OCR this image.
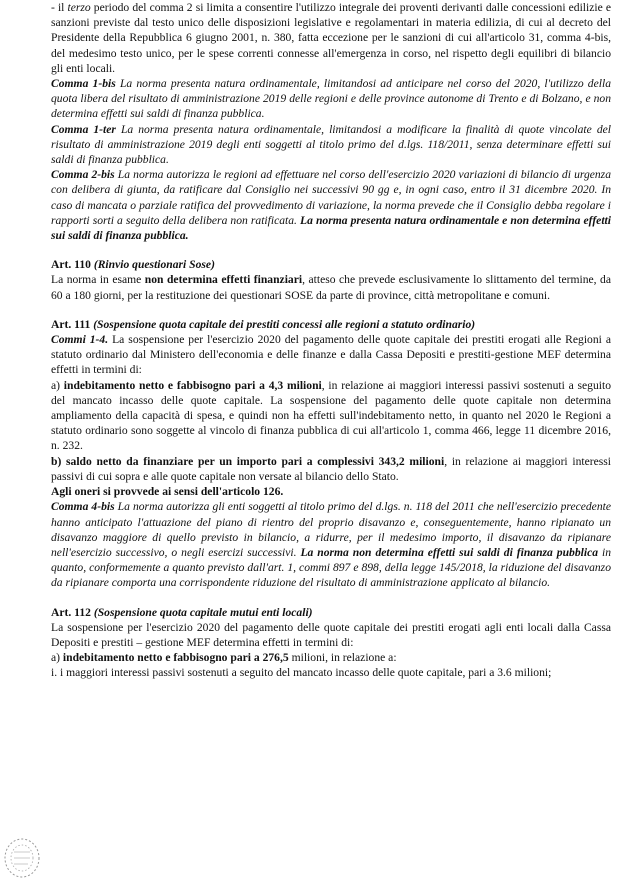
- il terzo periodo del comma 2 si limita a consentire l'utilizzo integrale dei proventi derivanti dalle concessioni edilizie e sanzioni previste dal testo unico delle disposizioni legislative e regolamentari in materia edilizia, di cui al decreto del Presidente della Repubblica 6 giugno 2001, n. 380, fatta eccezione per le sanzioni di cui all'articolo 31, comma 4-bis, del medesimo testo unico, per le spese correnti connesse all'emergenza in corso, nel rispetto degli equilibri di bilancio gli enti locali.

Comma 1-bis La norma presenta natura ordinamentale, limitandosi ad anticipare nel corso del 2020, l'utilizzo della quota libera del risultato di amministrazione 2019 delle regioni e delle province autonome di Trento e di Bolzano, e non determina effetti sui saldi di finanza pubblica.

Comma 1-ter La norma presenta natura ordinamentale, limitandosi a modificare la finalità di quote vincolate del risultato di amministrazione 2019 degli enti soggetti al titolo primo del d.lgs. 118/2011, senza determinare effetti sui saldi di finanza pubblica.

Comma 2-bis La norma autorizza le regioni ad effettuare nel corso dell'esercizio 2020 variazioni di bilancio di urgenza con delibera di giunta, da ratificare dal Consiglio nei successivi 90 gg e, in ogni caso, entro il 31 dicembre 2020. In caso di mancata o parziale ratifica del provvedimento di variazione, la norma prevede che il Consiglio debba regolare i rapporti sorti a seguito della delibera non ratificata. La norma presenta natura ordinamentale e non determina effetti sui saldi di finanza pubblica.

Art. 110 (Rinvio questionari Sose)

La norma in esame non determina effetti finanziari, atteso che prevede esclusivamente lo slittamento del termine, da 60 a 180 giorni, per la restituzione dei questionari SOSE da parte di province, città metropolitane e comuni.

Art. 111 (Sospensione quota capitale dei prestiti concessi alle regioni a statuto ordinario)

Commi 1-4. La sospensione per l'esercizio 2020 del pagamento delle quote capitale dei prestiti erogati alle Regioni a statuto ordinario dal Ministero dell'economia e delle finanze e dalla Cassa Depositi e prestiti-gestione MEF determina effetti in termini di:

a) indebitamento netto e fabbisogno pari a 4,3 milioni, in relazione ai maggiori interessi passivi sostenuti a seguito del mancato incasso delle quote capitale. La sospensione del pagamento delle quote capitale non determina ampliamento della capacità di spesa, e quindi non ha effetti sull'indebitamento netto, in quanto nel 2020 le Regioni a statuto ordinario sono soggette al vincolo di finanza pubblica di cui all'articolo 1, comma 466, legge 11 dicembre 2016, n. 232.

b) saldo netto da finanziare per un importo pari a complessivi 343,2 milioni, in relazione ai maggiori interessi passivi di cui sopra e alle quote capitale non versate al bilancio dello Stato.

Agli oneri si provvede ai sensi dell'articolo 126.

Comma 4-bis La norma autorizza gli enti soggetti al titolo primo del d.lgs. n. 118 del 2011 che nell'esercizio precedente hanno anticipato l'attuazione del piano di rientro del proprio disavanzo e, conseguentemente, hanno ripianato un disavanzo maggiore di quello previsto in bilancio, a ridurre, per il medesimo importo, il disavanzo da ripianare nell'esercizio successivo, o negli esercizi successivi. La norma non determina effetti sui saldi di finanza pubblica in quanto, conformemente a quanto previsto dall'art. 1, commi 897 e 898, della legge 145/2018, la riduzione del disavanzo da ripianare comporta una corrispondente riduzione del risultato di amministrazione applicato al bilancio.

Art. 112 (Sospensione quota capitale mutui enti locali)

La sospensione per l'esercizio 2020 del pagamento delle quote capitale dei prestiti erogati agli enti locali dalla Cassa Depositi e prestiti – gestione MEF determina effetti in termini di:

a) indebitamento netto e fabbisogno pari a 276,5 milioni, in relazione a:

i. i maggiori interessi passivi sostenuti a seguito del mancato incasso delle quote capitale, pari a 3.6 milioni;
